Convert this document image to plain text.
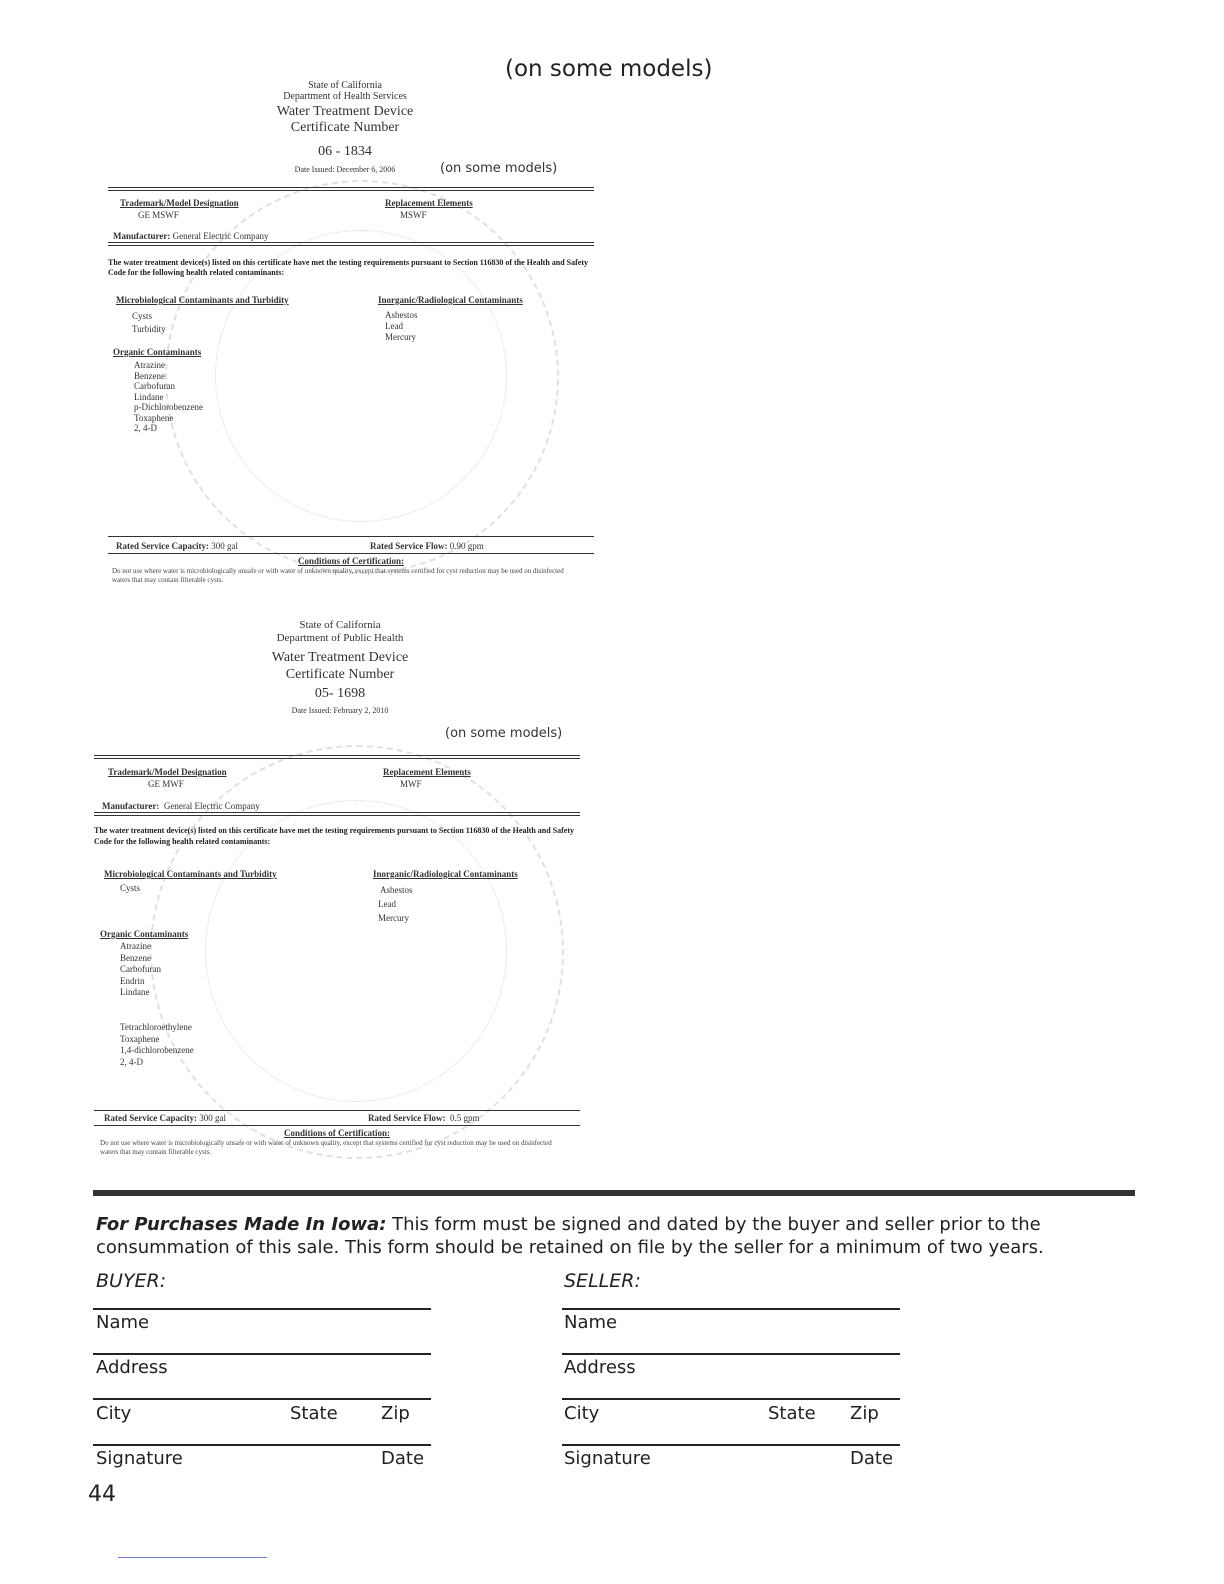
(on some models)
State of California
Department of Health Services
Water Treatment Device
Certificate Number
06 - 1834
Date Issued: December 6, 2006	(on some models)
Trademark/Model Designation
GE MSWF
Replacement Elements
MSWF
Manufacturer: General Electric Company
The water treatment device(s) listed on this certificate have met the testing requirements pursuant to Section 116830 of the Health and Safety Code for the following health related contaminants:
Microbiological Contaminants and Turbidity
Cysts
Turbidity
Inorganic/Radiological Contaminants
Asbestos
Lead
Mercury
Organic Contaminants
Atrazine
Benzene
Carbofuran
Lindane
p-Dichlorobenzene
Toxaphene
2, 4-D
Rated Service Capacity: 300 gal	Rated Service Flow: 0.90 gpm
Conditions of Certification:
Do not use where water is microbiologically unsafe or with water of unknown quality, except that systems certified for cyst reduction may be used on disinfected waters that may contain filterable cysts.
State of California
Department of Public Health
Water Treatment Device
Certificate Number
05- 1698
Date Issued: February 2, 2010
(on some models)
Trademark/Model Designation
GE MWF
Replacement Elements
MWF
Manufacturer: General Electric Company
The water treatment device(s) listed on this certificate have met the testing requirements pursuant to Section 116830 of the Health and Safety Code for the following health related contaminants:
Microbiological Contaminants and Turbidity
Cysts
Inorganic/Radiological Contaminants
Asbestos
Lead
Mercury
Organic Contaminants
Atrazine
Benzene
Carbofuran
Endrin
Lindane
Tetrachloroethylene
Toxaphene
1,4-dichlorobenzene
2, 4-D
Rated Service Capacity: 300 gal	Rated Service Flow: 0.5 gpm
Conditions of Certification:
Do not use where water is microbiologically unsafe or with water of unknown quality, except that systems certified for cyst reduction may be used on disinfected waters that may contain filterable cysts.
For Purchases Made In Iowa: This form must be signed and dated by the buyer and seller prior to the consummation of this sale. This form should be retained on file by the seller for a minimum of two years.
BUYER:	SELLER:
Name
Address
City	State Zip
Signature	Date
Name
Address
City	State Zip
Signature	Date
44
